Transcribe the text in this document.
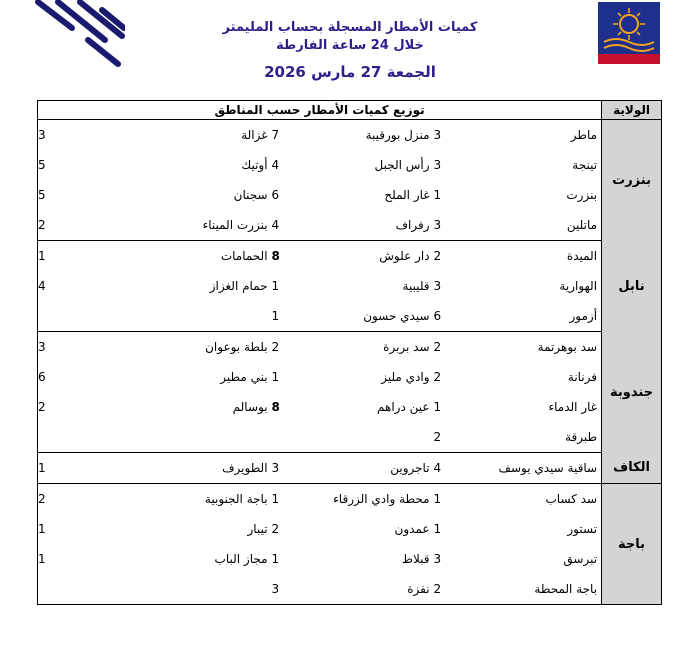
كميات الأمطار المسجلة بحساب المليمتر
خلال 24 ساعة الفارطة
الجمعة 27 مارس 2026
الولاية	توزيع كميات الأمطار حسب المناطق					
بنزرت	ماطر	3	منزل بورقيبة	7	غزالة	3
	تينجة	3	رأس الجبل	4	أوتيك	5
	بنزرت	1	غار الملح	6	سجنان	5
	ماتلين	3	رفراف	4	بنزرت الميناء	2
نابل	الميدة	2	دار علوش	8	الحمامات	1
	الهوارية	3	قليبية	1	حمام الغزاز	4
	أزمور	6	سيدي حسون	1		
جندوبة	سد بوهرتمة	2	سد بربرة	2	بلطة بوعوان	3
	فرنانة	2	وادي مليز	1	بني مطير	6
	غار الدماء	1	عين دراهم	8	بوسالم	2
	طبرقة	2				
الكاف	ساقية سيدي يوسف	4	تاجروين	3	الطويرف	1
باجة	سد كساب	1	محطة وادي الزرقاء	1	باجة الجنوبية	2
	تستور	1	عمدون	2	تيبار	1
	تبرسق	3	قبلاط	1	مجاز الباب	1
	باجة المحطة	2	نفزة	3		
